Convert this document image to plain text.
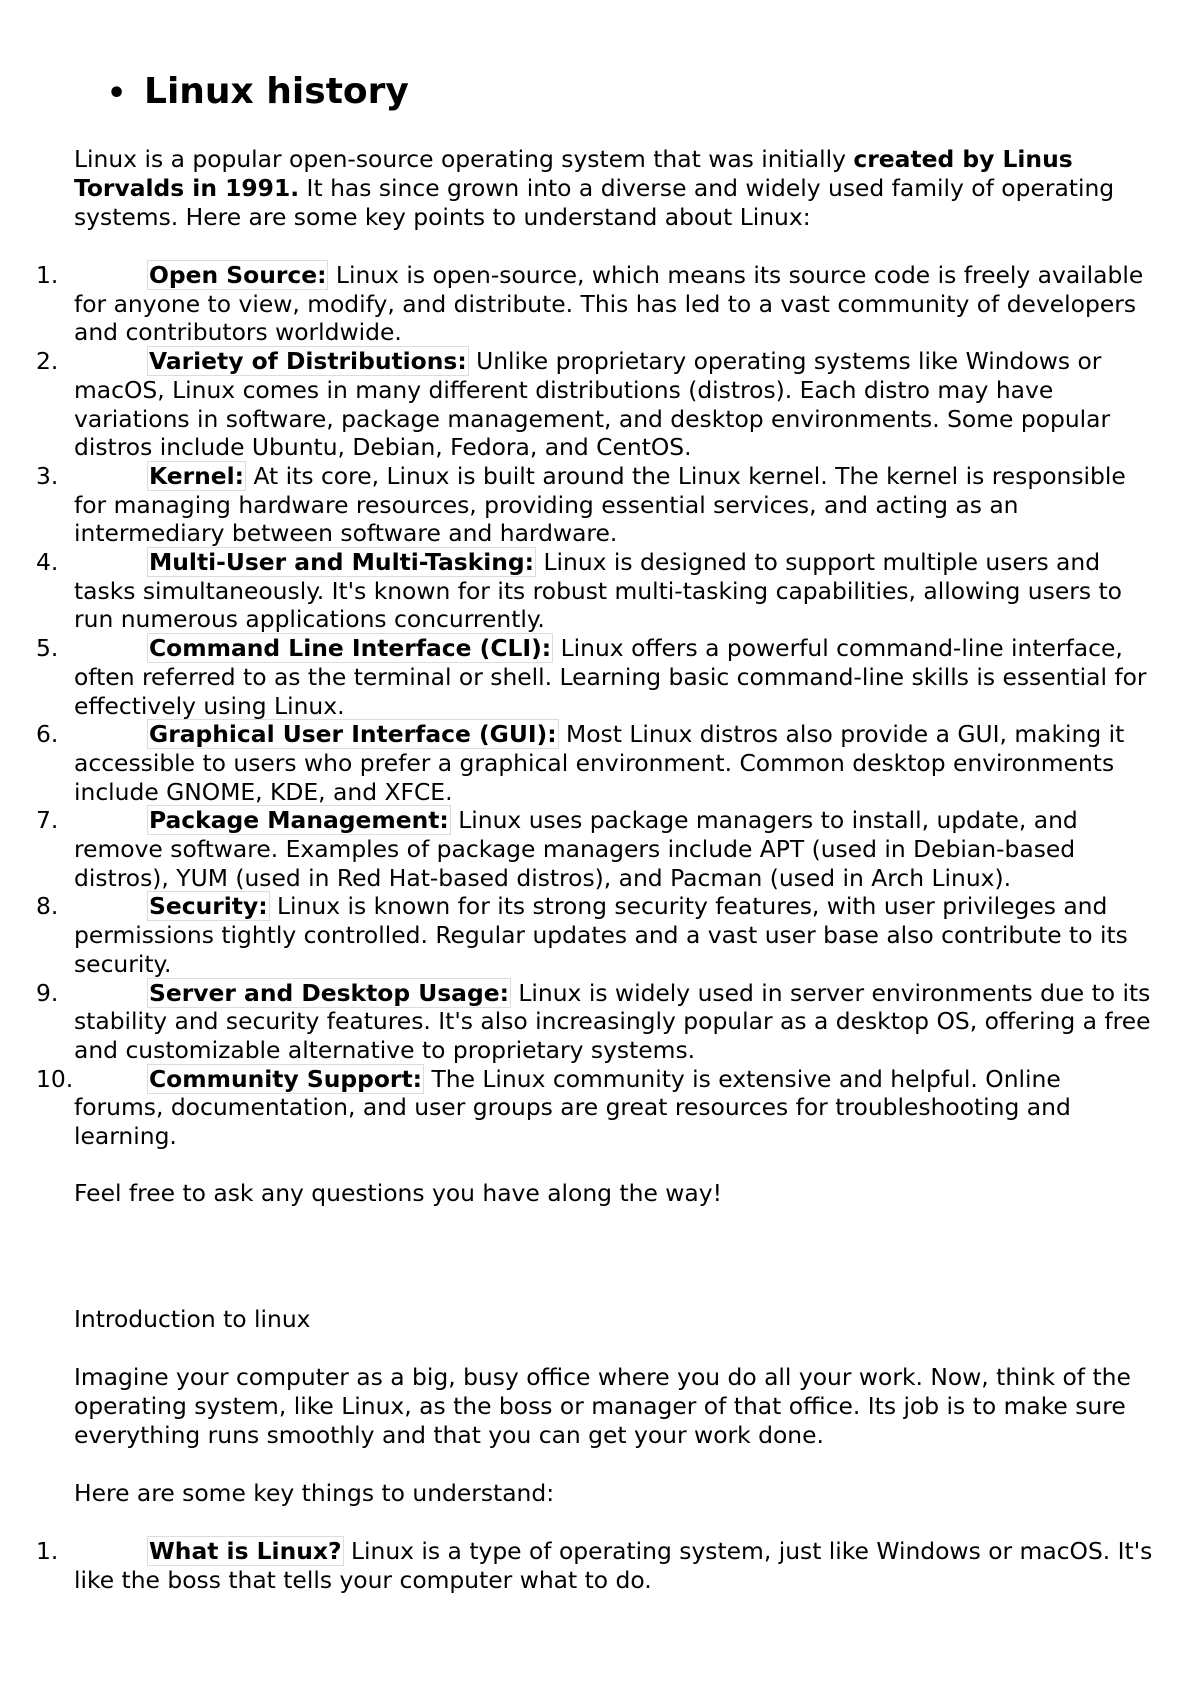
• Linux history
Linux is a popular open-source operating system that was initially created by Linus Torvalds in 1991. It has since grown into a diverse and widely used family of operating systems. Here are some key points to understand about Linux:
1.	Open Source: Linux is open-source, which means its source code is freely available for anyone to view, modify, and distribute. This has led to a vast community of developers and contributors worldwide.
2.	Variety of Distributions: Unlike proprietary operating systems like Windows or macOS, Linux comes in many different distributions (distros). Each distro may have variations in software, package management, and desktop environments. Some popular distros include Ubuntu, Debian, Fedora, and CentOS.
3.	Kernel: At its core, Linux is built around the Linux kernel. The kernel is responsible for managing hardware resources, providing essential services, and acting as an intermediary between software and hardware.
4.	Multi-User and Multi-Tasking: Linux is designed to support multiple users and tasks simultaneously. It's known for its robust multi-tasking capabilities, allowing users to run numerous applications concurrently.
5.	Command Line Interface (CLI): Linux offers a powerful command-line interface, often referred to as the terminal or shell. Learning basic command-line skills is essential for effectively using Linux.
6.	Graphical User Interface (GUI): Most Linux distros also provide a GUI, making it accessible to users who prefer a graphical environment. Common desktop environments include GNOME, KDE, and XFCE.
7.	Package Management: Linux uses package managers to install, update, and remove software. Examples of package managers include APT (used in Debian-based distros), YUM (used in Red Hat-based distros), and Pacman (used in Arch Linux).
8.	Security: Linux is known for its strong security features, with user privileges and permissions tightly controlled. Regular updates and a vast user base also contribute to its security.
9.	Server and Desktop Usage: Linux is widely used in server environments due to its stability and security features. It's also increasingly popular as a desktop OS, offering a free and customizable alternative to proprietary systems.
10.	Community Support: The Linux community is extensive and helpful. Online forums, documentation, and user groups are great resources for troubleshooting and learning.
Feel free to ask any questions you have along the way!
Introduction to linux
Imagine your computer as a big, busy office where you do all your work. Now, think of the operating system, like Linux, as the boss or manager of that office. Its job is to make sure everything runs smoothly and that you can get your work done.
Here are some key things to understand:
1.	What is Linux? Linux is a type of operating system, just like Windows or macOS. It's like the boss that tells your computer what to do.
